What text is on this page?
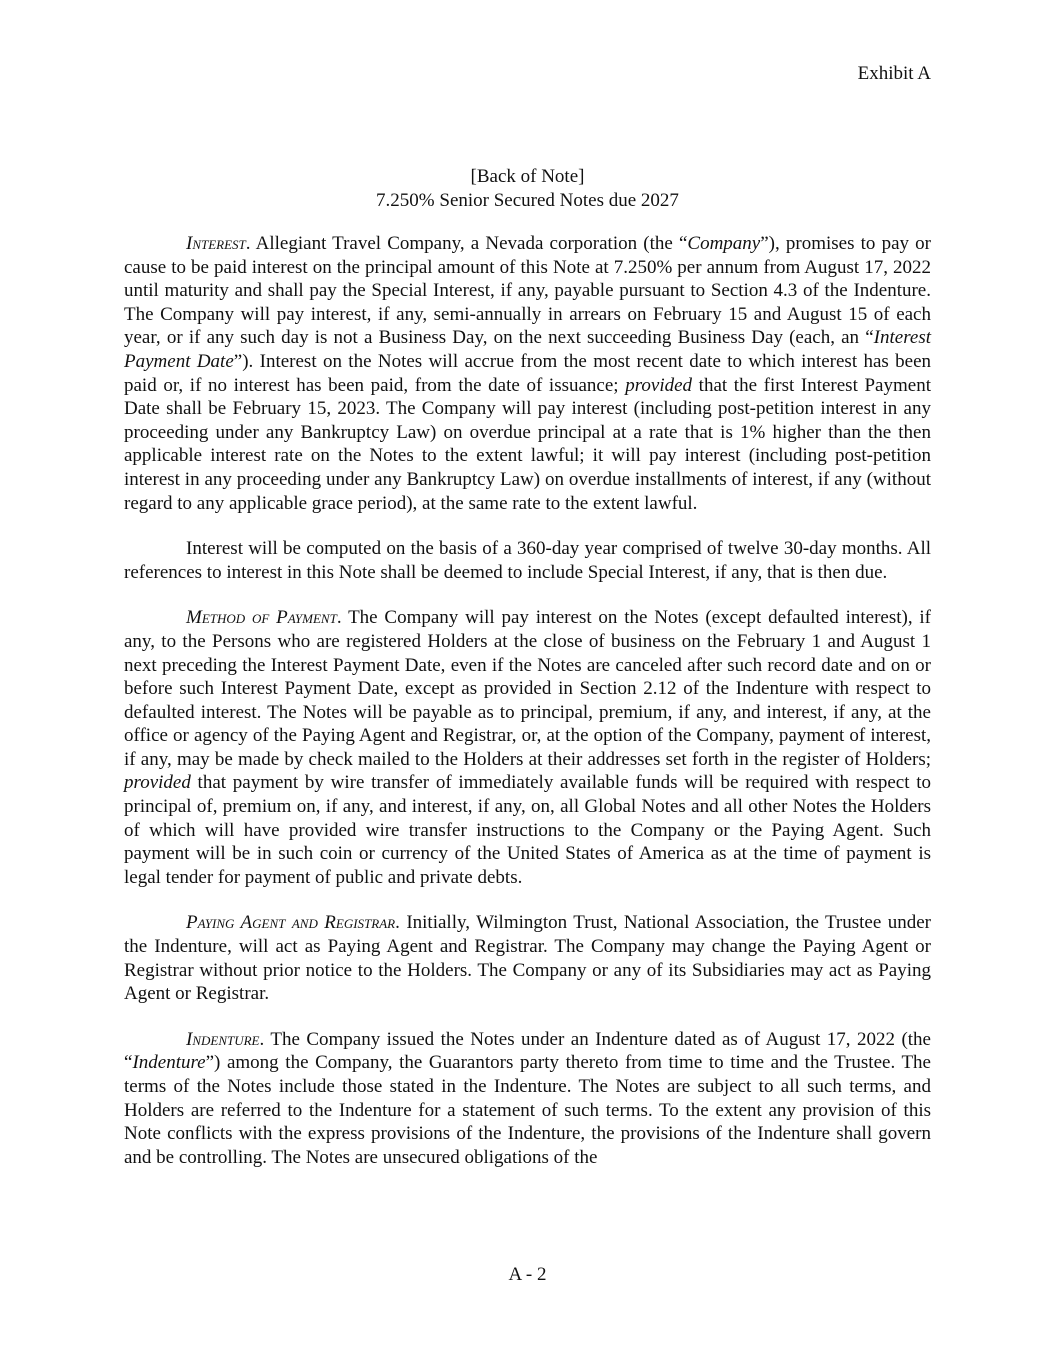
Exhibit A
[Back of Note]
7.250% Senior Secured Notes due 2027

Interest. Allegiant Travel Company, a Nevada corporation (the “Company”), promises to pay or cause to be paid interest on the principal amount of this Note at 7.250% per annum from August 17, 2022 until maturity and shall pay the Special Interest, if any, payable pursuant to Section 4.3 of the Indenture. The Company will pay interest, if any, semi-annually in arrears on February 15 and August 15 of each year, or if any such day is not a Business Day, on the next succeeding Business Day (each, an “Interest Payment Date”). Interest on the Notes will accrue from the most recent date to which interest has been paid or, if no interest has been paid, from the date of issuance; provided that the first Interest Payment Date shall be February 15, 2023. The Company will pay interest (including post-petition interest in any proceeding under any Bankruptcy Law) on overdue principal at a rate that is 1% higher than the then applicable interest rate on the Notes to the extent lawful; it will pay interest (including post-petition interest in any proceeding under any Bankruptcy Law) on overdue installments of interest, if any (without regard to any applicable grace period), at the same rate to the extent lawful.

Interest will be computed on the basis of a 360-day year comprised of twelve 30-day months. All references to interest in this Note shall be deemed to include Special Interest, if any, that is then due.

Method of Payment. The Company will pay interest on the Notes (except defaulted interest), if any, to the Persons who are registered Holders at the close of business on the February 1 and August 1 next preceding the Interest Payment Date, even if the Notes are canceled after such record date and on or before such Interest Payment Date, except as provided in Section 2.12 of the Indenture with respect to defaulted interest. The Notes will be payable as to principal, premium, if any, and interest, if any, at the office or agency of the Paying Agent and Registrar, or, at the option of the Company, payment of interest, if any, may be made by check mailed to the Holders at their addresses set forth in the register of Holders; provided that payment by wire transfer of immediately available funds will be required with respect to principal of, premium on, if any, and interest, if any, on, all Global Notes and all other Notes the Holders of which will have provided wire transfer instructions to the Company or the Paying Agent. Such payment will be in such coin or currency of the United States of America as at the time of payment is legal tender for payment of public and private debts.

Paying Agent and Registrar. Initially, Wilmington Trust, National Association, the Trustee under the Indenture, will act as Paying Agent and Registrar. The Company may change the Paying Agent or Registrar without prior notice to the Holders. The Company or any of its Subsidiaries may act as Paying Agent or Registrar.

Indenture. The Company issued the Notes under an Indenture dated as of August 17, 2022 (the “Indenture”) among the Company, the Guarantors party thereto from time to time and the Trustee. The terms of the Notes include those stated in the Indenture. The Notes are subject to all such terms, and Holders are referred to the Indenture for a statement of such terms. To the extent any provision of this Note conflicts with the express provisions of the Indenture, the provisions of the Indenture shall govern and be controlling. The Notes are unsecured obligations of the

A - 2
